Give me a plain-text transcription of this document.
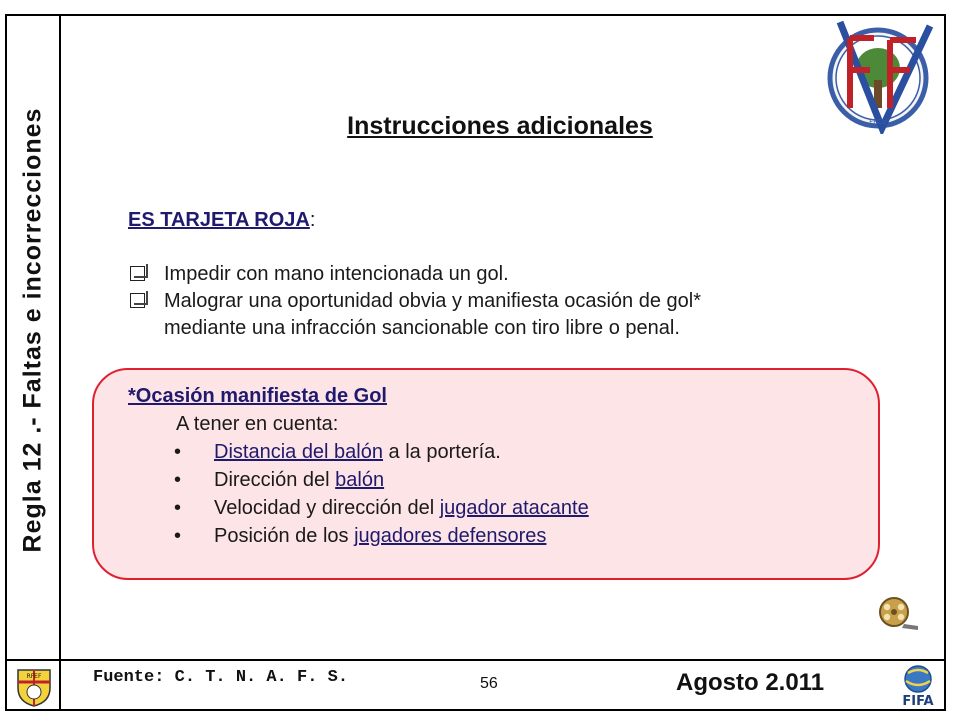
Regla 12 .- Faltas e incorrecciones	FFCV
Instrucciones adicionales
ES TARJETA ROJA:
Impedir con mano intencionada un gol.
Malograr una oportunidad obvia y manifiesta ocasión de gol*
mediante una infracción sancionable con tiro libre o penal.
*Ocasión manifiesta de Gol
A tener en cuenta:
• Distancia del balón a la portería.
• Dirección del balón
• Velocidad y dirección del jugador atacante
• Posición de los jugadores defensores
RFEF	Fuente: C. T. N. A. F. S.	56	Agosto 2.011
FIFA
